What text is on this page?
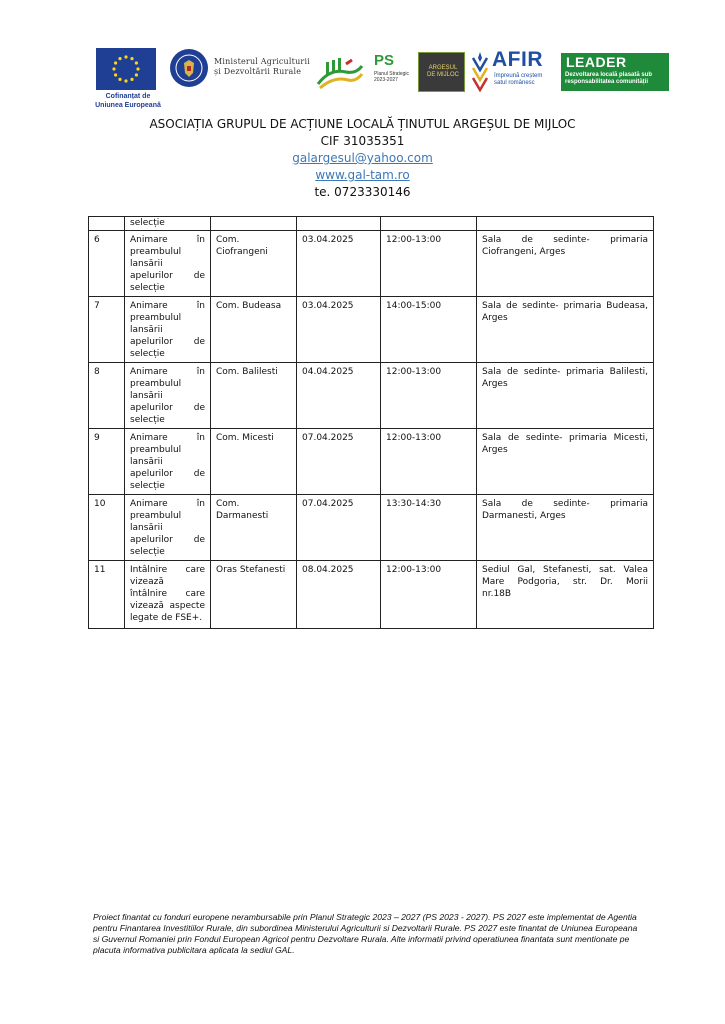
Cofinanțat de
Uniunea Europeană
Ministerul Agriculturii
și Dezvoltării Rurale
PS
Planul Strategic
2023-2027
ARGEȘUL
DE MIJLOC
AFIR
împreună creștem
satul românesc
LEADER
Dezvoltarea locală plasată sub
responsabilitatea comunității
ASOCIAȚIA GRUPUL DE ACȚIUNE LOCALĂ ȚINUTUL ARGEȘUL DE MIJLOC
CIF 31035351
galargesul@yahoo.com
www.gal-tam.ro
te. 0723330146
	selecție				
6	Animare în
preambulul
lansării
apelurilor de
selecție	Com.
Ciofrangeni	03.04.2025	12:00-13:00	Sala de sedinte- primaria
Ciofrangeni, Arges

7	Animare în
preambulul
lansării
apelurilor de
selecție	Com. Budeasa	03.04.2025	14:00-15:00	Sala de sedinte- primaria Budeasa,
Arges

8	Animare în
preambulul
lansării
apelurilor de
selecție	Com. Balilesti	04.04.2025	12:00-13:00	Sala de sedinte- primaria Balilesti,
Arges

9	Animare în
preambulul
lansării
apelurilor de
selecție	Com. Micesti	07.04.2025	12:00-13:00	Sala de sedinte- primaria Micesti,
Arges

10	Animare în
preambulul
lansării
apelurilor de
selecție	Com.
Darmanesti	07.04.2025	13:30-14:30	Sala de sedinte- primaria
Darmanesti, Arges

11	Intâlnire care
vizează
întâlnire care
vizează aspecte
legate de FSE+.	Oras Stefanesti	08.04.2025	12:00-13:00	Sediul Gal, Stefanesti, sat. Valea
Mare Podgoria, str. Dr. Morii
nr.18B
Proiect finantat cu fonduri europene nerambursabile prin Planul Strategic 2023 – 2027 (PS 2023 - 2027). PS 2027 este implementat de Agentia pentru Finantarea Investitiilor Rurale, din subordinea Ministerului Agriculturii si Dezvoltarii Rurale. PS 2027 este finantat de Uniunea Europeana si Guvernul Romaniei prin Fondul European Agricol pentru Dezvoltare Rurala. Alte informatii privind operatiunea finantata sunt mentionate pe placuta informativa publicitara aplicata la sediul GAL.
